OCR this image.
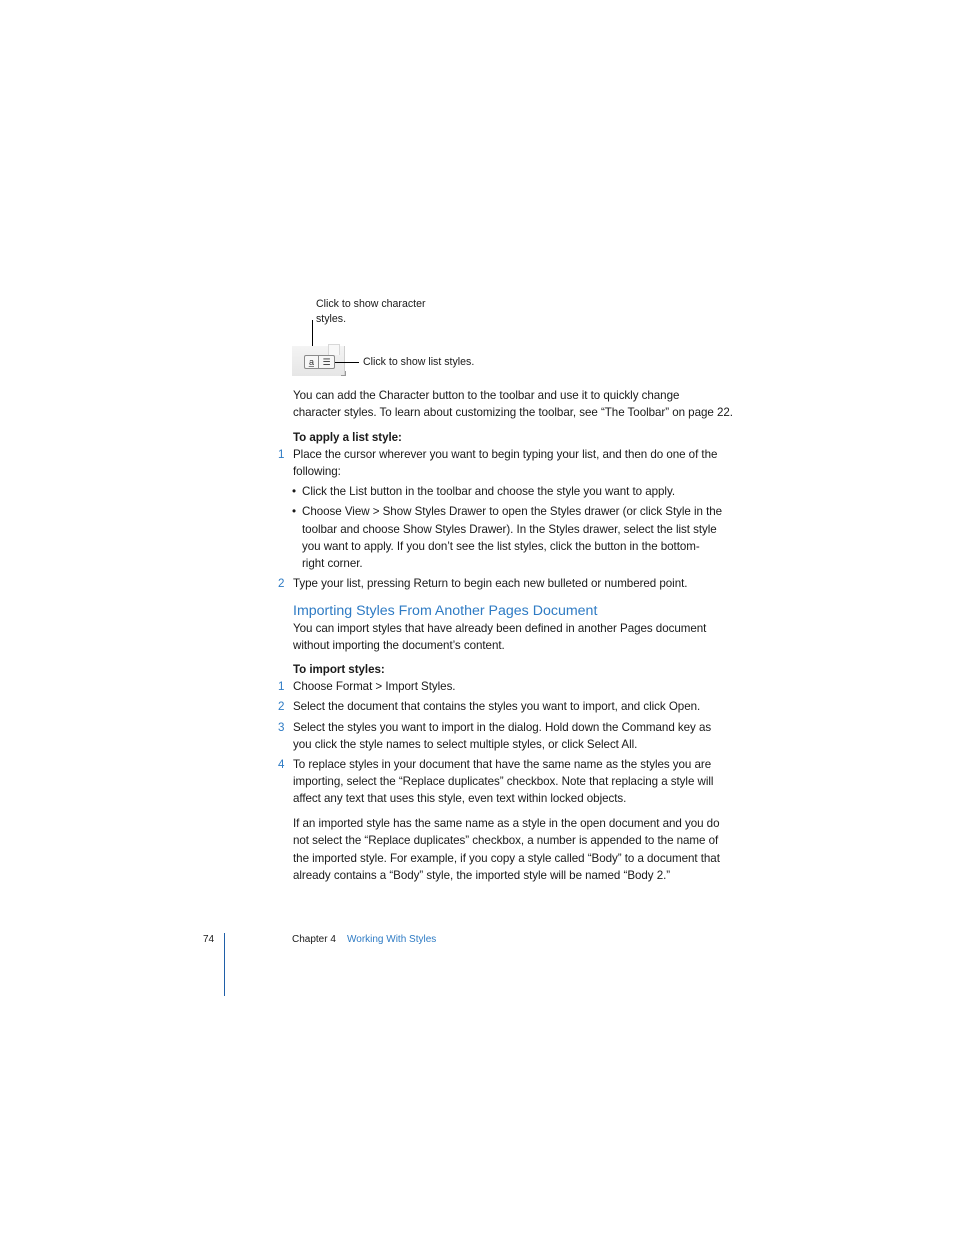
Click to show character
styles.
a̲ ☰	Click to show list styles.
You can add the Character button to the toolbar and use it to quickly change
character styles. To learn about customizing the toolbar, see “The Toolbar” on page 22.
To apply a list style:
1 Place the cursor wherever you want to begin typing your list, and then do one of the
following:
• Click the List button in the toolbar and choose the style you want to apply.
• Choose View > Show Styles Drawer to open the Styles drawer (or click Style in the
toolbar and choose Show Styles Drawer). In the Styles drawer, select the list style
you want to apply. If you don’t see the list styles, click the button in the bottom-
right corner.
2 Type your list, pressing Return to begin each new bulleted or numbered point.
Importing Styles From Another Pages Document
You can import styles that have already been defined in another Pages document
without importing the document’s content.
To import styles:
1 Choose Format > Import Styles.
2 Select the document that contains the styles you want to import, and click Open.
3 Select the styles you want to import in the dialog. Hold down the Command key as
you click the style names to select multiple styles, or click Select All.
4 To replace styles in your document that have the same name as the styles you are
importing, select the “Replace duplicates” checkbox. Note that replacing a style will
affect any text that uses this style, even text within locked objects.
If an imported style has the same name as a style in the open document and you do
not select the “Replace duplicates” checkbox, a number is appended to the name of
the imported style. For example, if you copy a style called “Body” to a document that
already contains a “Body” style, the imported style will be named “Body 2.”
74	Chapter 4 Working With Styles
